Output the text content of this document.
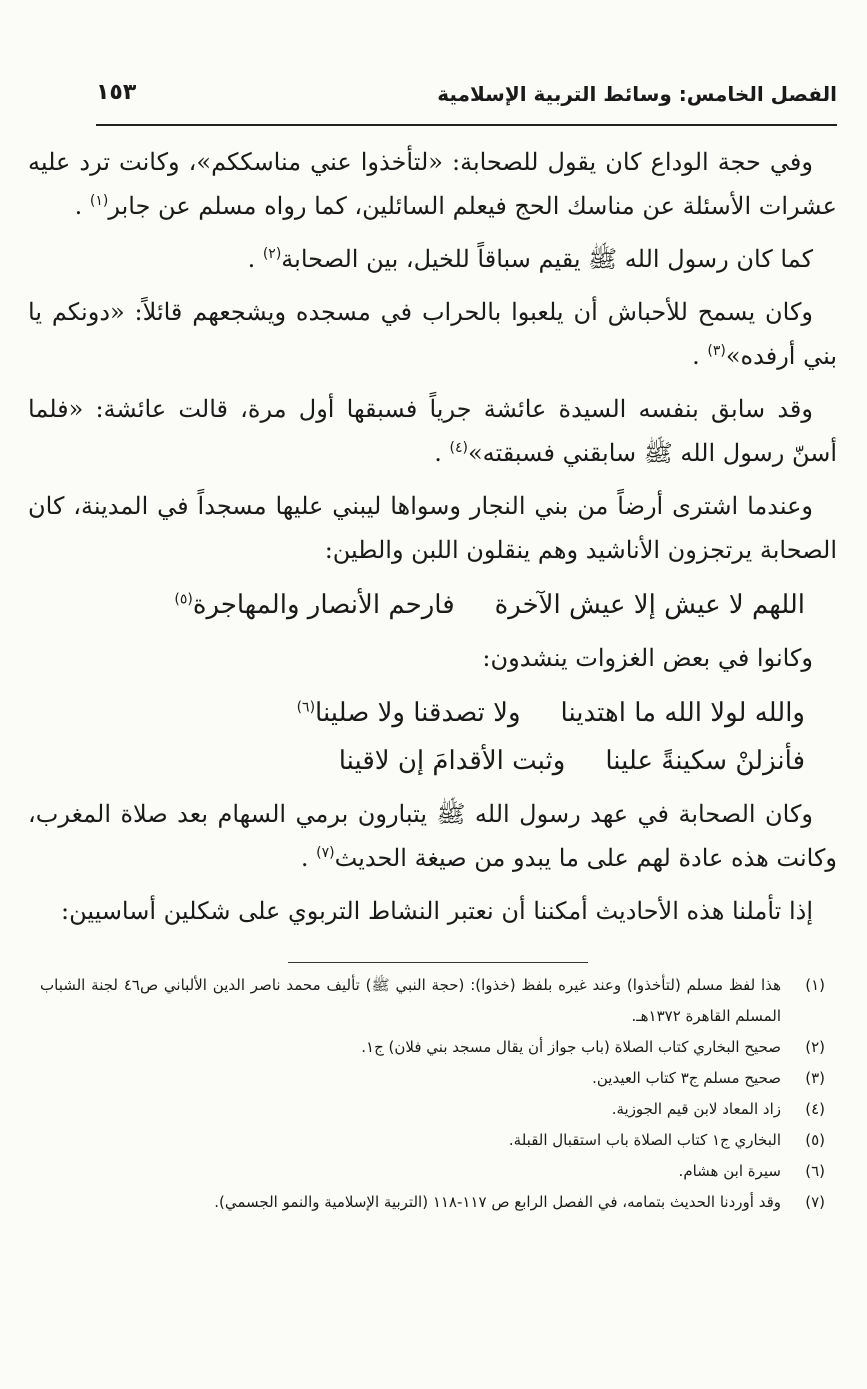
الفصل الخامس: وسائط التربية الإسلامية
١٥٣

وفي حجة الوداع كان يقول للصحابة: «لتأخذوا عني مناسككم»، وكانت ترد عليه عشرات الأسئلة عن مناسك الحج فيعلم السائلين، كما رواه مسلم عن جابر$^{(١)}$ .

كما كان رسول الله ﷺ يقيم سباقاً للخيل، بين الصحابة$^{(٢)}$ .

وكان يسمح للأحباش أن يلعبوا بالحراب في مسجده ويشجعهم قائلاً: «دونكم يا بني أرفده»$^{(٣)}$ .

وقد سابق بنفسه السيدة عائشة جرياً فسبقها أول مرة، قالت عائشة: «فلما أسنّ رسول الله ﷺ سابقني فسبقته»$^{(٤)}$ .

وعندما اشترى أرضاً من بني النجار وسواها ليبني عليها مسجداً في المدينة، كان الصحابة يرتجزون الأناشيد وهم ينقلون اللبن والطين:

اللهم لا عيش إلا عيش الآخرة
فارحم الأنصار والمهاجرة$^{(٥)}$

وكانوا في بعض الغزوات ينشدون:

والله لولا الله ما اهتدينا
ولا تصدقنا ولا صلينا$^{(٦)}$
فأنزلنْ سكينةً علينا
وثبت الأقدامَ إن لاقينا

وكان الصحابة في عهد رسول الله ﷺ يتبارون برمي السهام بعد صلاة المغرب، وكانت هذه عادة لهم على ما يبدو من صيغة الحديث$^{(٧)}$ .

إذا تأملنا هذه الأحاديث أمكننا أن نعتبر النشاط التربوي على شكلين أساسيين:

(١)
هذا لفظ مسلم (لتأخذوا) وعند غيره بلفظ (خذوا): (حجة النبي ﷺ) تأليف محمد ناصر الدين الألباني ص٤٦ لجنة الشباب المسلم القاهرة ١٣٧٢هـ.
(٢)
صحيح البخاري كتاب الصلاة (باب جواز أن يقال مسجد بني فلان) ج١.
(٣)
صحيح مسلم ج٣ كتاب العيدين.
(٤)
زاد المعاد لابن قيم الجوزية.
(٥)
البخاري ج١ كتاب الصلاة باب استقبال القبلة.
(٦)
سيرة ابن هشام.
(٧)
وقد أوردنا الحديث بتمامه، في الفصل الرابع ص ١١٧-١١٨ (التربية الإسلامية والنمو الجسمي).
